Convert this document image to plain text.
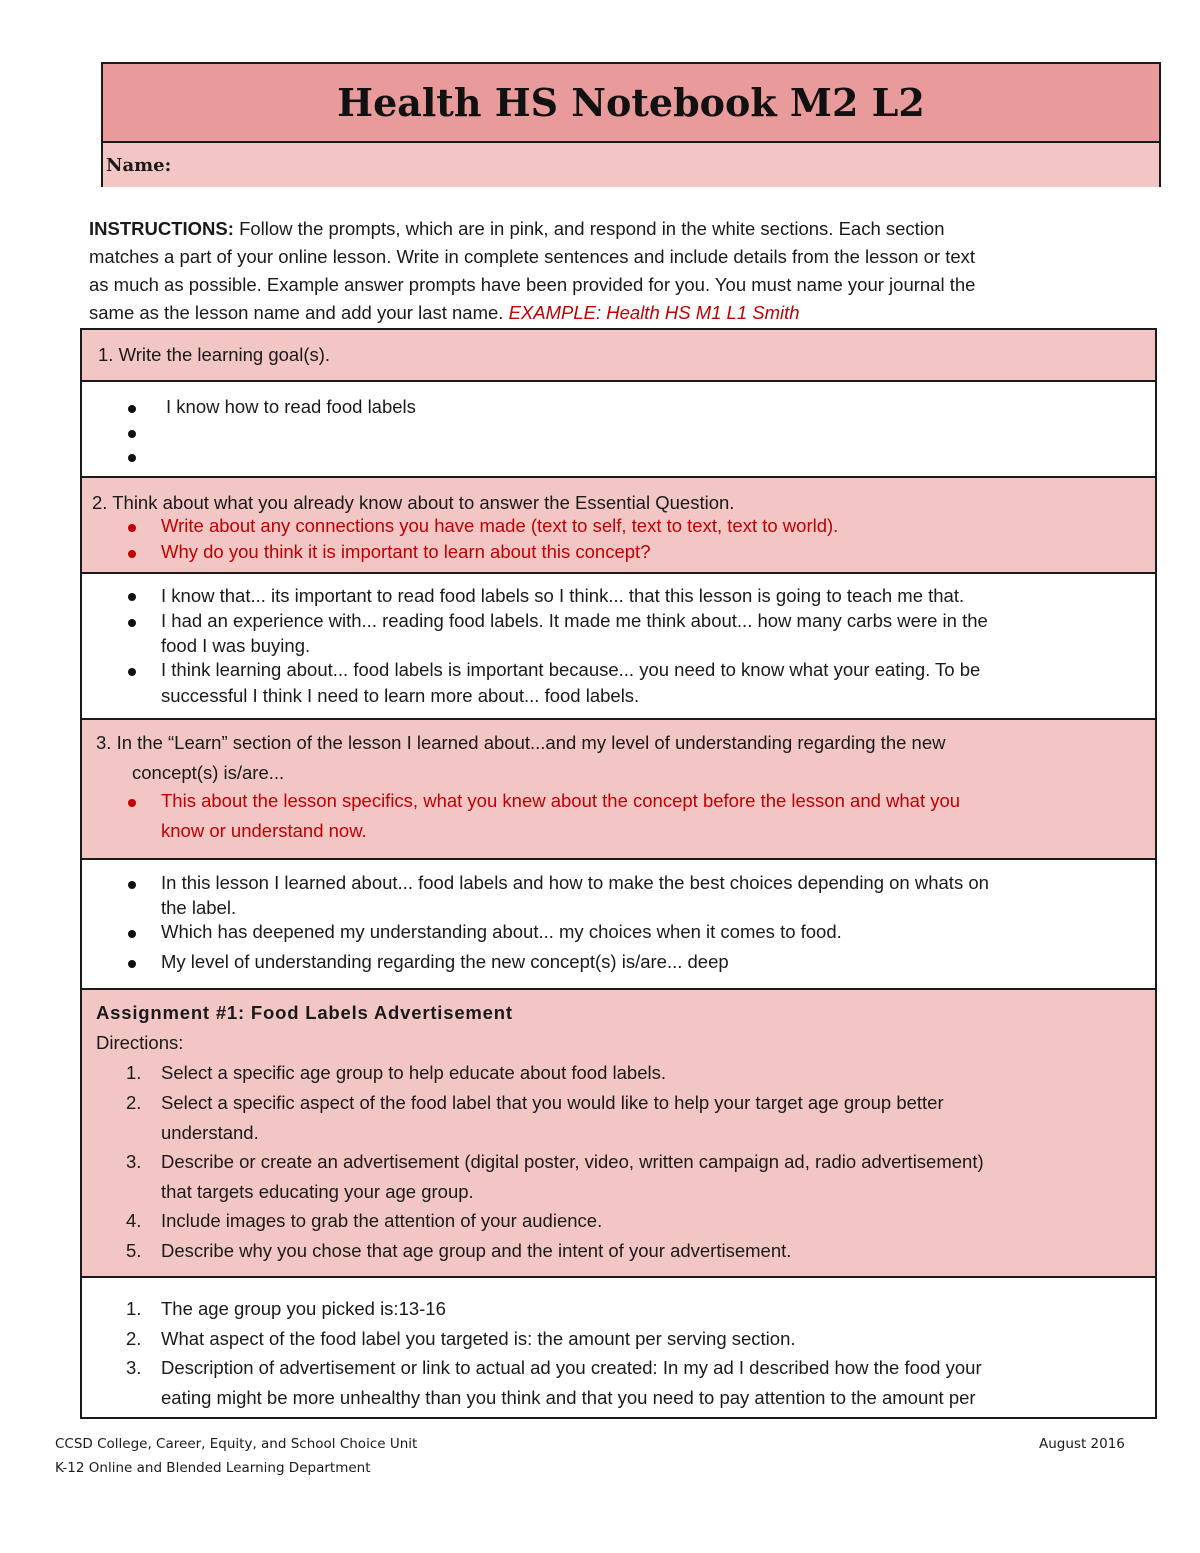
Health HS Notebook M2 L2
Name:
INSTRUCTIONS: Follow the prompts, which are in pink, and respond in the white sections. Each section
matches a part of your online lesson. Write in complete sentences and include details from the lesson or text
as much as possible. Example answer prompts have been provided for you. You must name your journal the
same as the lesson name and add your last name. EXAMPLE: Health HS M1 L1 Smith
1. Write the learning goal(s).
I know how to read food labels
2. Think about what you already know about to answer the Essential Question.
Write about any connections you have made (text to self, text to text, text to world).
Why do you think it is important to learn about this concept?
I know that... its important to read food labels so I think... that this lesson is going to teach me that.
I had an experience with... reading food labels. It made me think about... how many carbs were in the
food I was buying.
I think learning about... food labels is important because... you need to know what your eating. To be
successful I think I need to learn more about... food labels.
3. In the “Learn” section of the lesson I learned about...and my level of understanding regarding the new
concept(s) is/are...
This about the lesson specifics, what you knew about the concept before the lesson and what you
know or understand now.
In this lesson I learned about... food labels and how to make the best choices depending on whats on
the label.
Which has deepened my understanding about... my choices when it comes to food.
My level of understanding regarding the new concept(s) is/are... deep
Assignment #1: Food Labels Advertisement
Directions:
1. Select a specific age group to help educate about food labels.
2. Select a specific aspect of the food label that you would like to help your target age group better
understand.
3. Describe or create an advertisement (digital poster, video, written campaign ad, radio advertisement)
that targets educating your age group.
4. Include images to grab the attention of your audience.
5. Describe why you chose that age group and the intent of your advertisement.
1. The age group you picked is:13-16
2. What aspect of the food label you targeted is: the amount per serving section.
3. Description of advertisement or link to actual ad you created: In my ad I described how the food your
eating might be more unhealthy than you think and that you need to pay attention to the amount per
CCSD College, Career, Equity, and School Choice Unit
K-12 Online and Blended Learning Department
August 2016
